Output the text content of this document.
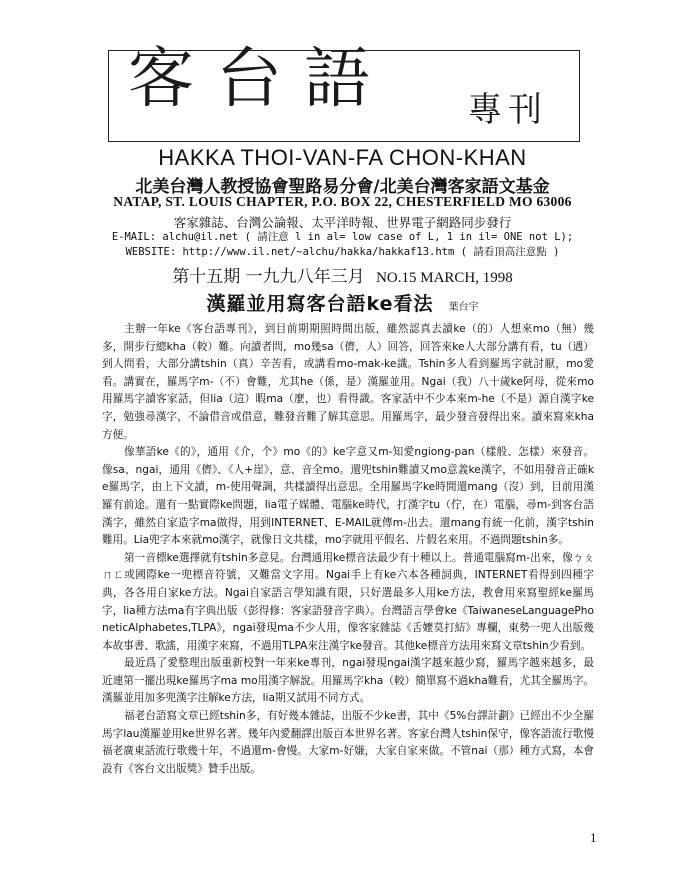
客台語 專刊
HAKKA THOI-VAN-FA CHON-KHAN
北美台灣人教授協會聖路易分會/北美台灣客家語文基金
NATAP, ST. LOUIS CHAPTER, P.O. BOX 22, CHESTERFIELD MO 63006
客家雜誌、台灣公論報、太平洋時報、世界電子網路同步發行
E-MAIL: alchu@il.net ( 請注意 l in al= low case of L, 1 in il= ONE not L);
WEBSITE: http://www.il.net/~alchu/hakka/hakkaf13.htm ( 請看頂高注意點 )
第十五期 一九九八年三月 NO.15 MARCH, 1998
漢羅並用寫客台語ke看法 葉台宇

主辦一年ke《客台語專刊》，到目前期期照時間出版，雖然認真去讀ke（的）人想來mo（無）幾多，開步行總kha（較）難。向讀者問，mo幾sa（儕，人）回答，回答來ke人大部分講有看，tu（遇）到人問看，大部分講tshin（真）辛苦看，或講看mo-mak-ke識。Tshin多人看到羅馬字就討厭，mo愛看。講實在，羅馬字m-（不）會難，尤其he（係，是）漢羅並用。Ngai（我）八十歲ke阿母，從來mo用羅馬字讀客家話，但lia（這）暇ma（麼，也）看得識。客家話中不少本來m-he（不是）源自漢字ke字，勉強尋漢字，不論借音或借意，難發音難了解其意思。用羅馬字，最少發音發得出來。讀來寫來kha方便。

像華語ke《的》，通用《介，个》mo《的》ke字意又m-知愛ngiong-pan（樣般、怎樣）來發音。像sa、ngai，通用《儕》、《人+崖》，意、音全mo。還兜tshin難讀又mo意義ke漢字，不如用發音正確ke羅馬字，由上下文讀，m-使用聲調，共樣讀得出意思。全用羅馬字ke時間還mang（沒）到，目前用漢羅有前途。還有一點實際ke問題，lia電子媒體、電腦ke時代，打漢字tu（佇，在）電腦，尋m-到客台語漢字，雖然自家造字ma做得，用到INTERNET、E-MAIL就傳m-出去。還mang有統一化前，漢字tshin難用。Lia兜字本來就mo漢字，就像日文共樣，mo字就用平假名、片假名來用。不過問題tshin多。

第一音標ke選擇就有tshin多意見。台灣通用ke標音法最少有十種以上。普通電腦寫m-出來，像ㄅㄆㄇㄈ或國際ke一兜標音符號，又難當文字用。Ngai手上有ke六本各種詞典，INTERNET看得到四種字典，各各用自家ke方法。Ngai自家語言學知識有限，只好選最多人用ke方法，教會用來寫聖經ke羅馬字，lia種方法ma有字典出版（彭得修：客家語發音字典）。台灣語言學會ke《TaiwaneseLanguagePhoneticAlphabetes,TLPA》，ngai發現ma不少人用，像客家雜誌《舌嬤莫打結》專欄，東勢一兜人出版幾本故事書、歌謠，用漢字來寫，不過用TLPA來注漢字ke發音。其他ke標音方法用來寫文章tshin少看到。

最近爲了愛整理出版重新校對一年來ke專刊，ngai發現ngai漢字越來越少寫，羅馬字越來越多，最近連第一擺出現ke羅馬字ma mo用漢字解說。用羅馬字kha（較）簡單寫不過kha難看，尤其全羅馬字。漢羅並用加多兜漢字注解ke方法，lia期又試用不同方式。

福老台語寫文章已經tshin多，有好幾本雜誌，出版不少ke書，其中《5%台譯計劃》已經出不少全羅馬字lau漢羅並用ke世界名著。幾年內愛翻譯出版百本世界名著。客家台灣人tshin保守，像客語流行歌慢福老廣東話流行歌幾十年，不過還m-會慢。大家m-好嫌，大家自家來做。不管nai（那）種方式寫，本會設有《客台文出版獎》贊手出版。

1
